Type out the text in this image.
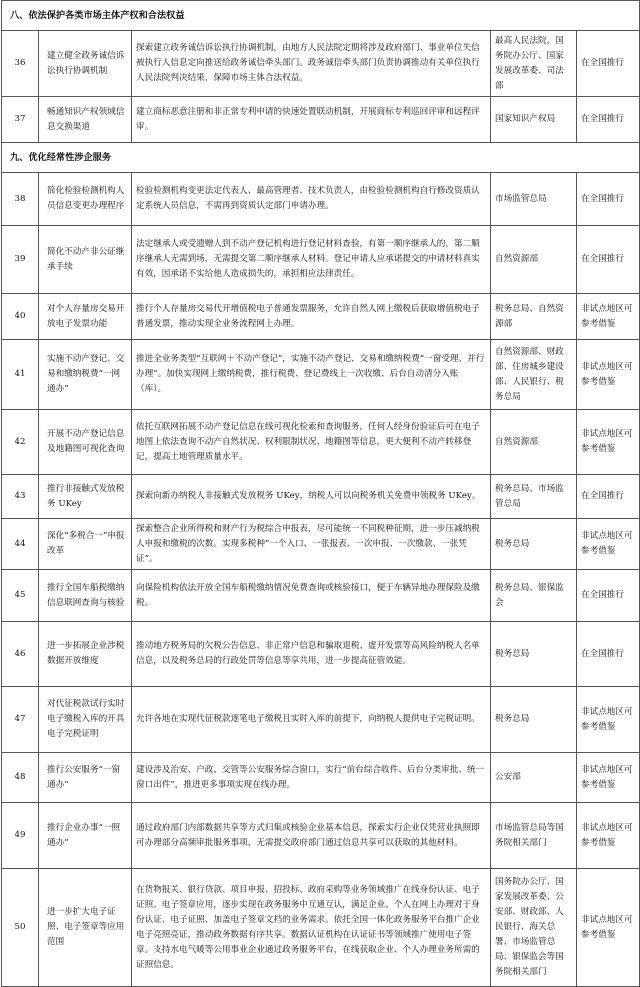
八、依法保护各类市场主体产权和合法权益				
36	建立健全政务诚信诉讼执行协调机制	探索建立政务诚信诉讼执行协调机制，由地方人民法院定期将涉及政府部门、事业单位失信被执行人信息定向推送给政务诚信牵头部门。政务诚信牵头部门负责协调推动有关单位执行人民法院判决结果，保障市场主体合法权益。	最高人民法院，国务院办公厅、国家发展改革委、司法部	在全国推行
37	畅通知识产权领域信息交换渠道	建立商标恶意注册和非正常专利申请的快速处置联动机制，开展商标专利巡回评审和远程评审。	国家知识产权局	在全国推行
九、优化经常性涉企服务				
38	简化检验检测机构人员信息变更办理程序	检验检测机构变更法定代表人、最高管理者、技术负责人，由检验检测机构自行修改资质认定系统人员信息，不需再到资质认定部门申请办理。	市场监管总局	在全国推行
39	简化不动产非公证继承手续	法定继承人或受遗赠人到不动产登记机构进行登记材料查验，有第一顺序继承人的，第二顺序继承人无需到场，无需提交第二顺序继承人材料。登记申请人应承诺提交的申请材料真实有效，因承诺不实给他人造成损失的，承担相应法律责任。	自然资源部	在全国推行
40	对个人存量房交易开放电子发票功能	推行个人存量房交易代开增值税电子普通发票服务，允许自然人网上缴税后获取增值税电子普通发票，推动实现全业务流程网上办理。	税务总局、自然资源部	非试点地区可参考借鉴
41	实施不动产登记、交易和缴纳税费“一网通办”	推进全业务类型“互联网＋不动产登记”，实施不动产登记、交易和缴纳税费“一窗受理、并行办理”。加快实现网上缴纳税费，推行税费、登记费线上一次收缴、后台自动清分入账（库）。	自然资源部、财政部、住房城乡建设部、人民银行、税务总局	非试点地区可参考借鉴
42	开展不动产登记信息及地籍图可视化查询	依托互联网拓展不动产登记信息在线可视化检索和查询服务，任何人经身份验证后可在电子地图上依法查询不动产自然状况、权利限制状况、地籍图等信息，更大便利不动产转移登记，提高土地管理质量水平。	自然资源部	非试点地区可参考借鉴
43	推行非接触式发放税务 UKey	探索向新办纳税人非接触式发放税务 UKey，纳税人可以向税务机关免费申领税务 UKey。	税务总局、市场监管总局	在全国推行
44	深化“多税合一”申报改革	探索整合企业所得税和财产行为税综合申报表，尽可能统一不同税种征期，进一步压减纳税人申报和缴税的次数。实现多税种“一个入口、一张报表、一次申报、一次缴款、一张凭证”。	税务总局	非试点地区可参考借鉴
45	推行全国车船税缴纳信息联网查询与核验	向保险机构依法开放全国车船税缴纳情况免费查询或核验接口，便于车辆异地办理保险及缴税。	税务总局、银保监会	在全国推行
46	进一步拓展企业涉税数据开放维度	推动地方税务局的欠税公告信息、非正常户信息和骗取退税、虚开发票等高风险纳税人名单信息，以及税务总局的行政处罚等信息等享共用，进一步提高征管效能。	税务总局	在全国推行
47	对代征税款试行实时电子缴税入库的开具电子完税证明	允许各地在实现代征税款逐笔电子缴税且实时入库的前提下，向纳税人提供电子完税证明。	税务总局	非试点地区可参考借鉴
48	推行公安服务“一窗通办”	建设涉及治安、户政、交管等公安服务综合窗口，实行“前台综合收件、后台分类审批、统一窗口出件”，推进更多事项实现在线办理。	公安部	非试点地区可参考借鉴
49	推行企业办事“一照通办”	通过政府部门内部数据共享等方式归集或核验企业基本信息，探索实行企业仅凭营业执照即可办理部分高频审批服务事项，无需提交政府部门通过信息共享可以获取的其他材料。	市场监管总局等国务院相关部门	非试点地区可参考借鉴
50	进一步扩大电子证照、电子签章等应用范围	在货物报关、银行贷款、项目申报、招投标、政府采购等业务领域推广在线身份认证、电子证照、电子签章应用，逐步实现在政务服务中互通互认，满足企业、个人在网上办理对于身份认证、电子证照、加盖电子签章文档的业务需求。依托全国一体化政务服务平台推广企业电子亮照亮证，推动政务数据有序共享。数据认证机构在认证证书等领域推广使用电子签章。支持水电气暖等公用事业企业通过政务服务平台，在线获取企业、个人办理业务所需的证照信息。	国务院办公厅、国家发展改革委、公安部、财政部、人民银行、海关总署、市场监管总局、银保监会等国务院相关部门	非试点地区可参考借鉴
